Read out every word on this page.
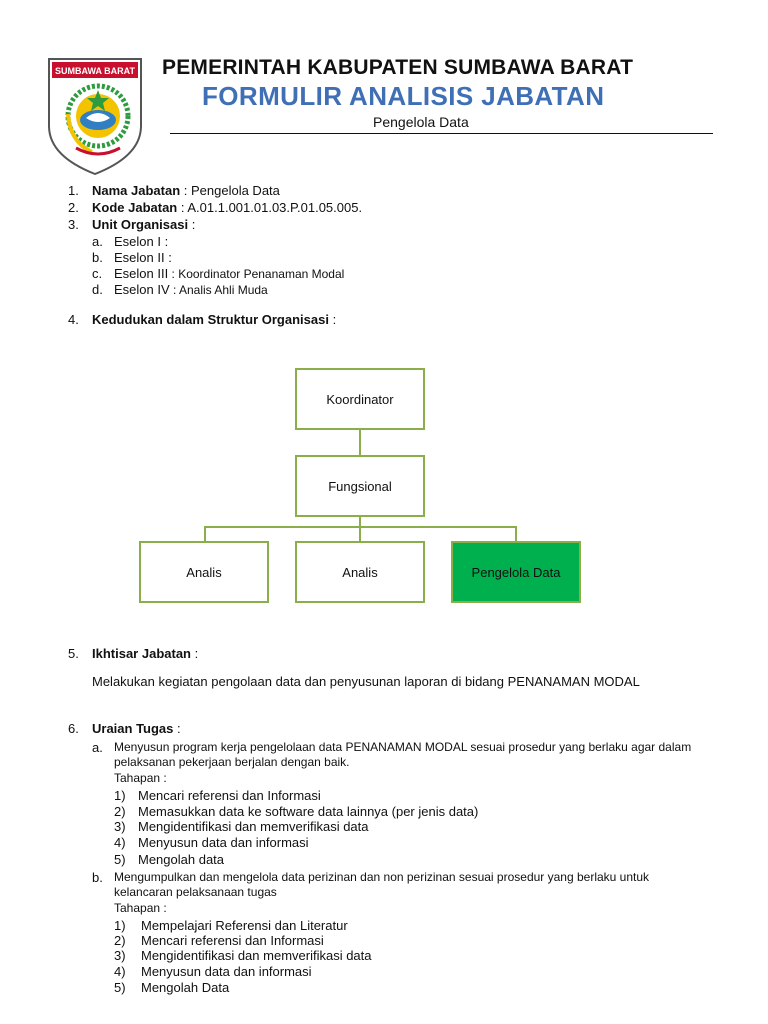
SUMBAWA BARAT PEMERINTAH KABUPATEN SUMBAWA BARAT
FORMULIR ANALISIS JABATAN
Pengelola Data
1. Nama Jabatan : Pengelola Data
2. Kode Jabatan : A.01.1.001.01.03.P.01.05.005.
3. Unit Organisasi :
a. Eselon I :
b. Eselon II :
c. Eselon III : Koordinator Penanaman Modal
d. Eselon IV : Analis Ahli Muda
4. Kedudukan dalam Struktur Organisasi :
Koordinator
Fungsional
Analis	Analis	Pengelola Data
5. Ikhtisar Jabatan :
Melakukan kegiatan pengolaan data dan penyusunan laporan di bidang PENANAMAN MODAL
6. Uraian Tugas :
a. Menyusun program kerja pengelolaan data PENANAMAN MODAL sesuai prosedur yang berlaku agar dalam pelaksanan pekerjaan berjalan dengan baik.
Tahapan :
1) Mencari referensi dan Informasi
2) Memasukkan data ke software data lainnya (per jenis data)
3) Mengidentifikasi dan memverifikasi data
4) Menyusun data dan informasi
5) Mengolah data
b. Mengumpulkan dan mengelola data perizinan dan non perizinan sesuai prosedur yang berlaku untuk kelancaran pelaksanaan tugas
Tahapan :
1) Mempelajari Referensi dan Literatur
2) Mencari referensi dan Informasi
3) Mengidentifikasi dan memverifikasi data
4) Menyusun data dan informasi
5) Mengolah Data
